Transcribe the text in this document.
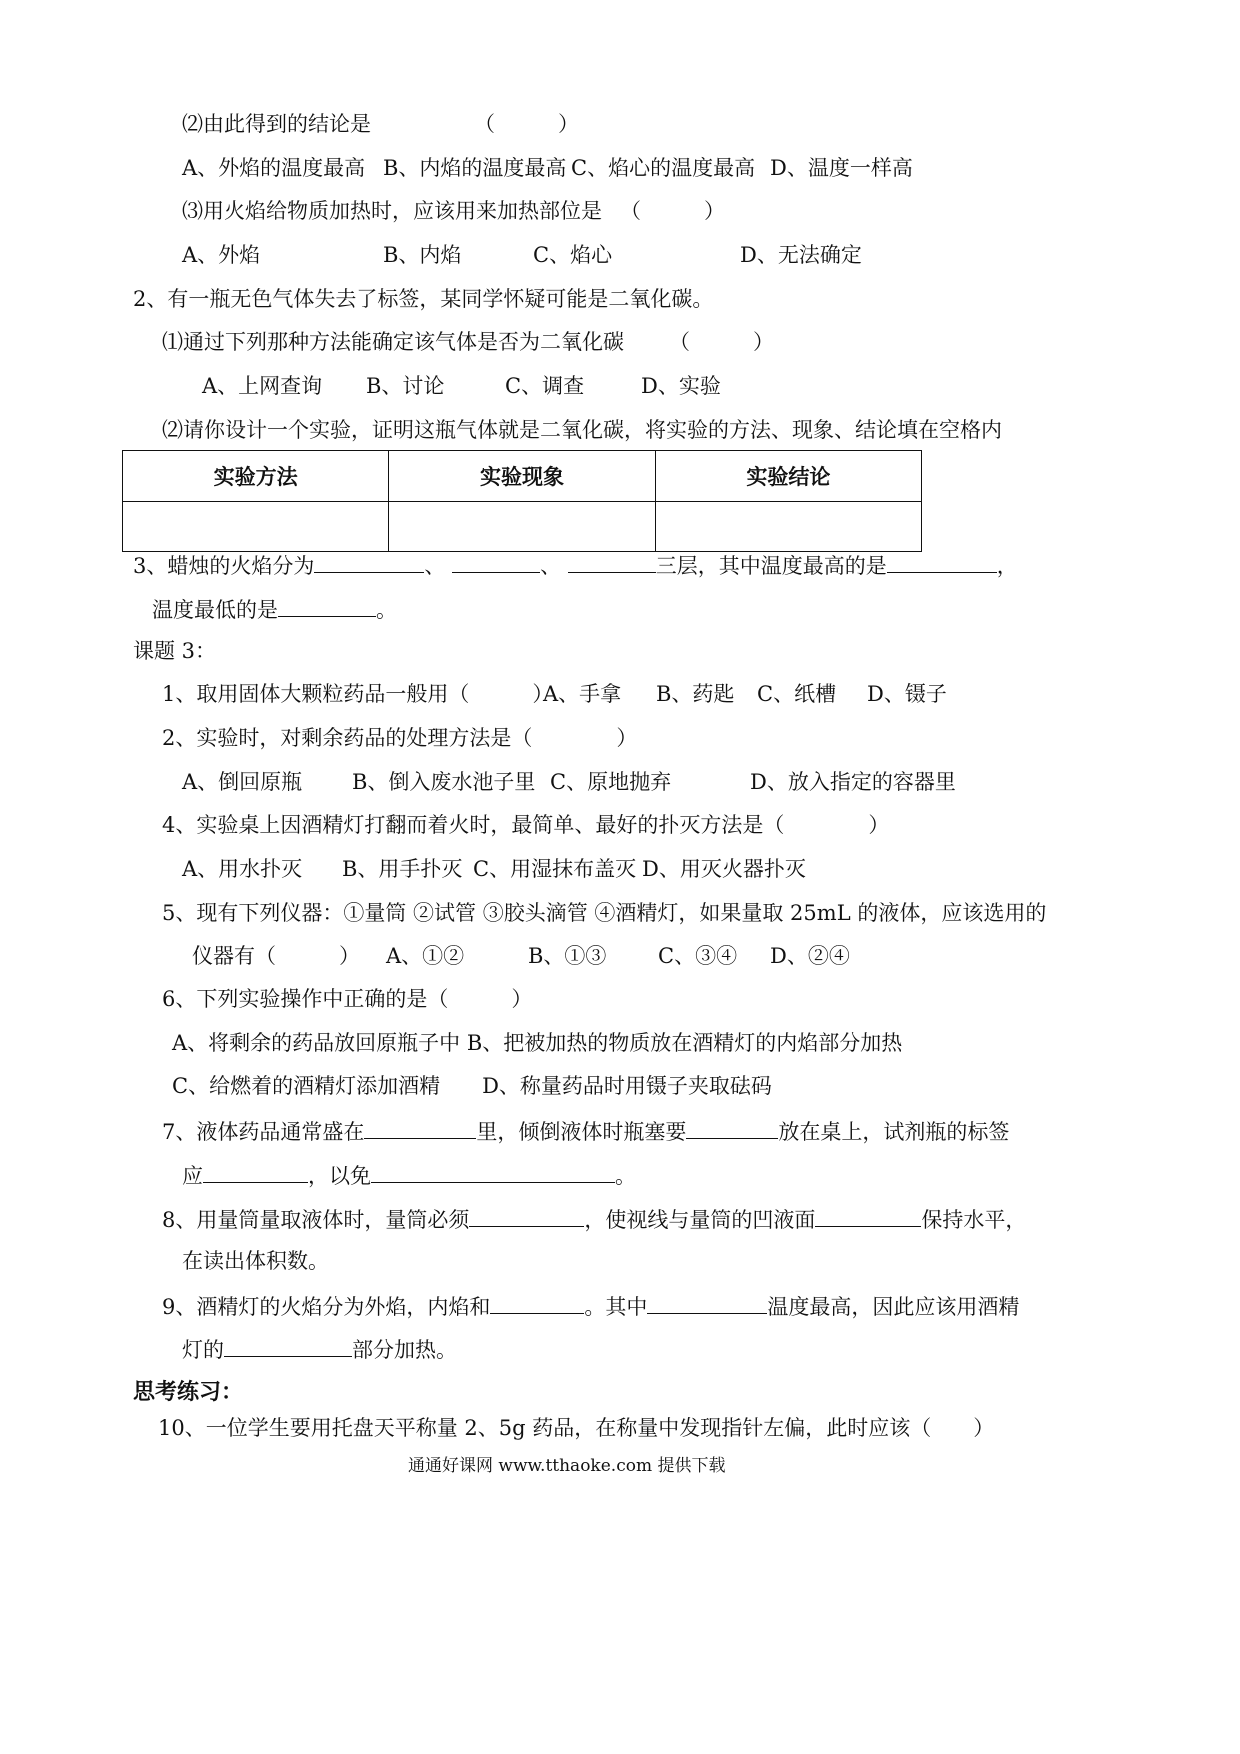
⑵由此得到的结论是	（　　　）
A、外焰的温度最高 B、内焰的温度最高 C、焰心的温度最高 D、温度一样高
⑶用火焰给物质加热时，应该用来加热部位是 （　　　）
A、外焰	B、内焰	C、焰心	D、无法确定
2、有一瓶无色气体失去了标签，某同学怀疑可能是二氧化碳。
⑴通过下列那种方法能确定该气体是否为二氧化碳 （　　　）
A、上网查询 B、讨论	C、调查	D、实验
⑵请你设计一个实验，证明这瓶气体就是二氧化碳，将实验的方法、现象、结论填在空格内
实验方法	实验现象	实验结论

3、蜡烛的火焰分为	、	、	三层，其中温度最高的是	，
温度最低的是	。
课题 3：
1、取用固体大颗粒药品一般用（　　　）
A、手拿 B、药匙 C、纸槽 D、镊子
2、实验时，对剩余药品的处理方法是（　　　　）
A、倒回原瓶 B、倒入废水池子里 C、原地抛弃	D、放入指定的容器里
4、实验桌上因酒精灯打翻而着火时，最简单、最好的扑灭方法是（　　　　）
A、用水扑灭 B、用手扑灭 C、用湿抹布盖灭 D、用灭火器扑灭
5、现有下列仪器：①量筒 ②试管 ③胶头滴管 ④酒精灯，如果量取 25mL 的液体，应该选用的
仪器有（　　　） A、①②	B、①③ C、③④ D、②④
6、下列实验操作中正确的是（　　　）
A、将剩余的药品放回原瓶子中 B、把被加热的物质放在酒精灯的内焰部分加热
C、给燃着的酒精灯添加酒精　　D、称量药品时用镊子夹取砝码
7、液体药品通常盛在	里，倾倒液体时瓶塞要	放在桌上，试剂瓶的标签
应	，以免	。
8、用量筒量取液体时，量筒必须	，使视线与量筒的凹液面	保持水平，
在读出体积数。
9、酒精灯的火焰分为外焰，内焰和	。其中	温度最高，因此应该用酒精
灯的	部分加热。
思考练习：
10、一位学生要用托盘天平称量 2、5g 药品，在称量中发现指针左偏，此时应该（　　）
通通好课网 www.tthaoke.com 提供下载
